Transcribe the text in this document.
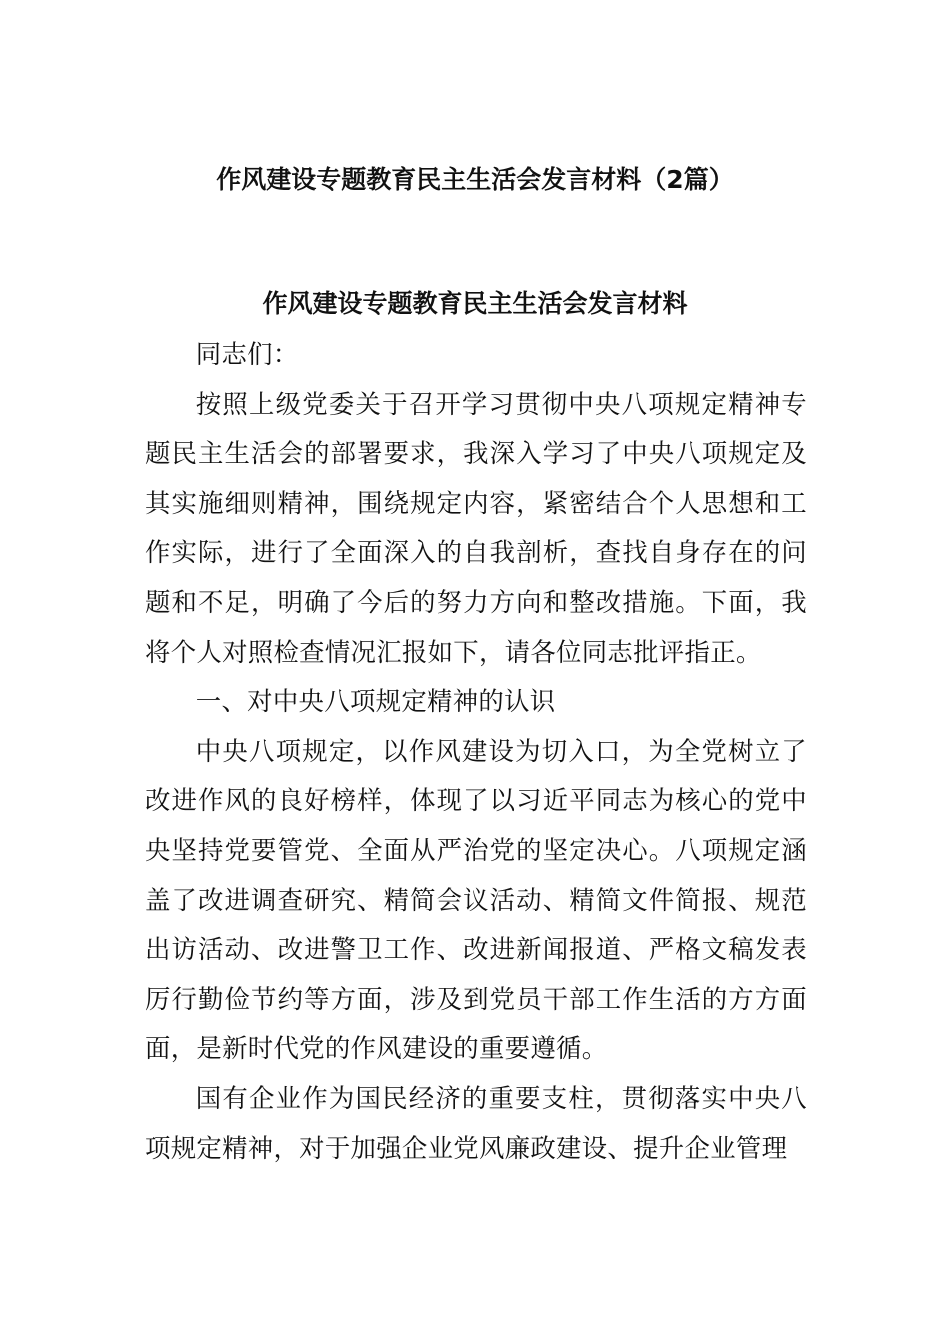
作风建设专题教育民主生活会发言材料（2篇）
作风建设专题教育民主生活会发言材料

同志们：

按照上级党委关于召开学习贯彻中央八项规定精神专题民主生活会的部署要求，我深入学习了中央八项规定及其实施细则精神，围绕规定内容，紧密结合个人思想和工作实际，进行了全面深入的自我剖析，查找自身存在的问题和不足，明确了今后的努力方向和整改措施。下面，我将个人对照检查情况汇报如下，请各位同志批评指正。

一、对中央八项规定精神的认识

中央八项规定，以作风建设为切入口，为全党树立了改进作风的良好榜样，体现了以习近平同志为核心的党中央坚持党要管党、全面从严治党的坚定决心。八项规定涵盖了改进调查研究、精简会议活动、精简文件简报、规范出访活动、改进警卫工作、改进新闻报道、严格文稿发表厉行勤俭节约等方面，涉及到党员干部工作生活的方方面面，是新时代党的作风建设的重要遵循。

国有企业作为国民经济的重要支柱，贯彻落实中央八项规定精神，对于加强企业党风廉政建设、提升企业管理
